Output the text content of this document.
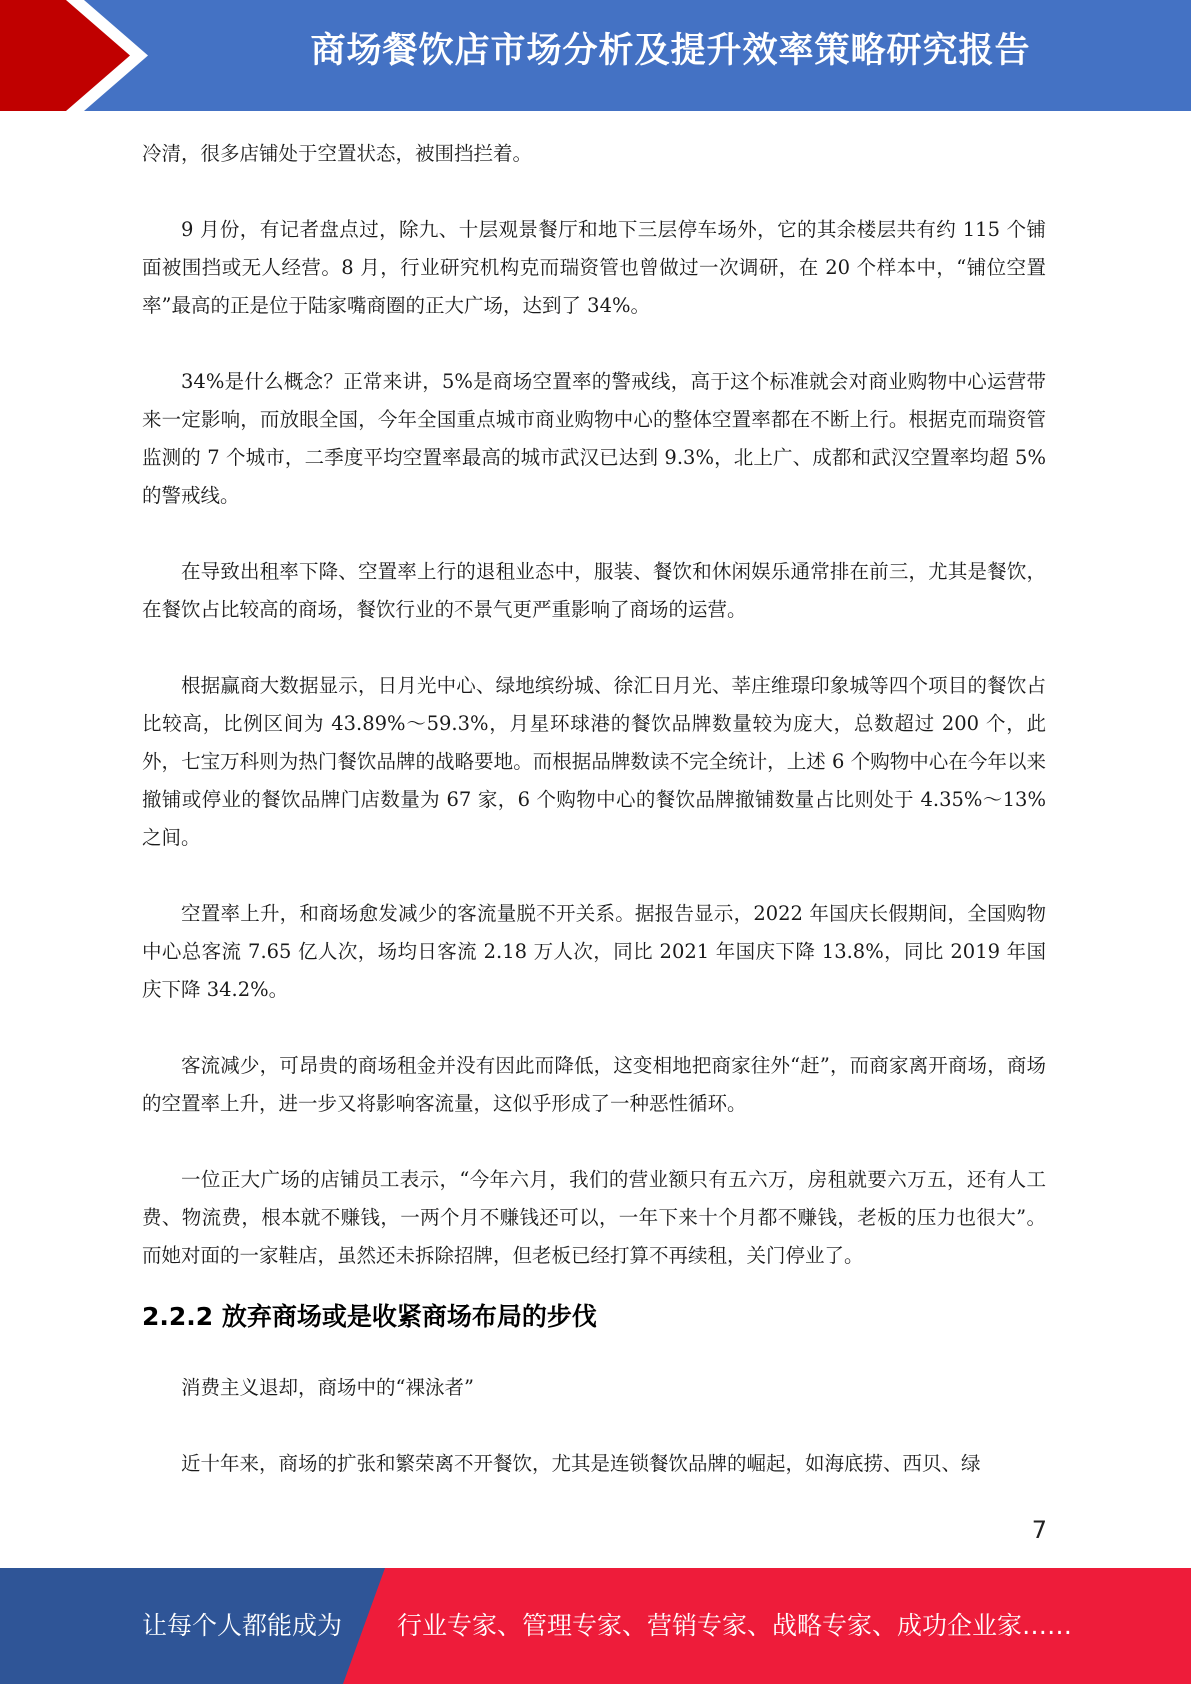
商场餐饮店市场分析及提升效率策略研究报告

冷清，很多店铺处于空置状态，被围挡拦着。

9 月份，有记者盘点过，除九、十层观景餐厅和地下三层停车场外，它的其余楼层共有约 115 个铺面被围挡或无人经营。8 月，行业研究机构克而瑞资管也曾做过一次调研，在 20 个样本中，“铺位空置率”最高的正是位于陆家嘴商圈的正大广场，达到了 34%。

34%是什么概念？正常来讲，5%是商场空置率的警戒线，高于这个标准就会对商业购物中心运营带来一定影响，而放眼全国，今年全国重点城市商业购物中心的整体空置率都在不断上行。根据克而瑞资管监测的 7 个城市，二季度平均空置率最高的城市武汉已达到 9.3%，北上广、成都和武汉空置率均超 5%的警戒线。

在导致出租率下降、空置率上行的退租业态中，服装、餐饮和休闲娱乐通常排在前三，尤其是餐饮，在餐饮占比较高的商场，餐饮行业的不景气更严重影响了商场的运营。

根据赢商大数据显示，日月光中心、绿地缤纷城、徐汇日月光、莘庄维璟印象城等四个项目的餐饮占比较高，比例区间为 43.89%～59.3%，月星环球港的餐饮品牌数量较为庞大，总数超过 200 个，此外，七宝万科则为热门餐饮品牌的战略要地。而根据品牌数读不完全统计，上述 6 个购物中心在今年以来撤铺或停业的餐饮品牌门店数量为 67 家，6 个购物中心的餐饮品牌撤铺数量占比则处于 4.35%～13%之间。

空置率上升，和商场愈发减少的客流量脱不开关系。据报告显示，2022 年国庆长假期间，全国购物中心总客流 7.65 亿人次，场均日客流 2.18 万人次，同比 2021 年国庆下降 13.8%，同比 2019 年国庆下降 34.2%。

客流减少，可昂贵的商场租金并没有因此而降低，这变相地把商家往外“赶”，而商家离开商场，商场的空置率上升，进一步又将影响客流量，这似乎形成了一种恶性循环。

一位正大广场的店铺员工表示，“今年六月，我们的营业额只有五六万，房租就要六万五，还有人工费、物流费，根本就不赚钱，一两个月不赚钱还可以，一年下来十个月都不赚钱，老板的压力也很大”。而她对面的一家鞋店，虽然还未拆除招牌，但老板已经打算不再续租，关门停业了。

2.2.2 放弃商场或是收紧商场布局的步伐

消费主义退却，商场中的“裸泳者”

近十年来，商场的扩张和繁荣离不开餐饮，尤其是连锁餐饮品牌的崛起，如海底捞、西贝、绿

7
让每个人都能成为 行业专家、管理专家、营销专家、战略专家、成功企业家……
